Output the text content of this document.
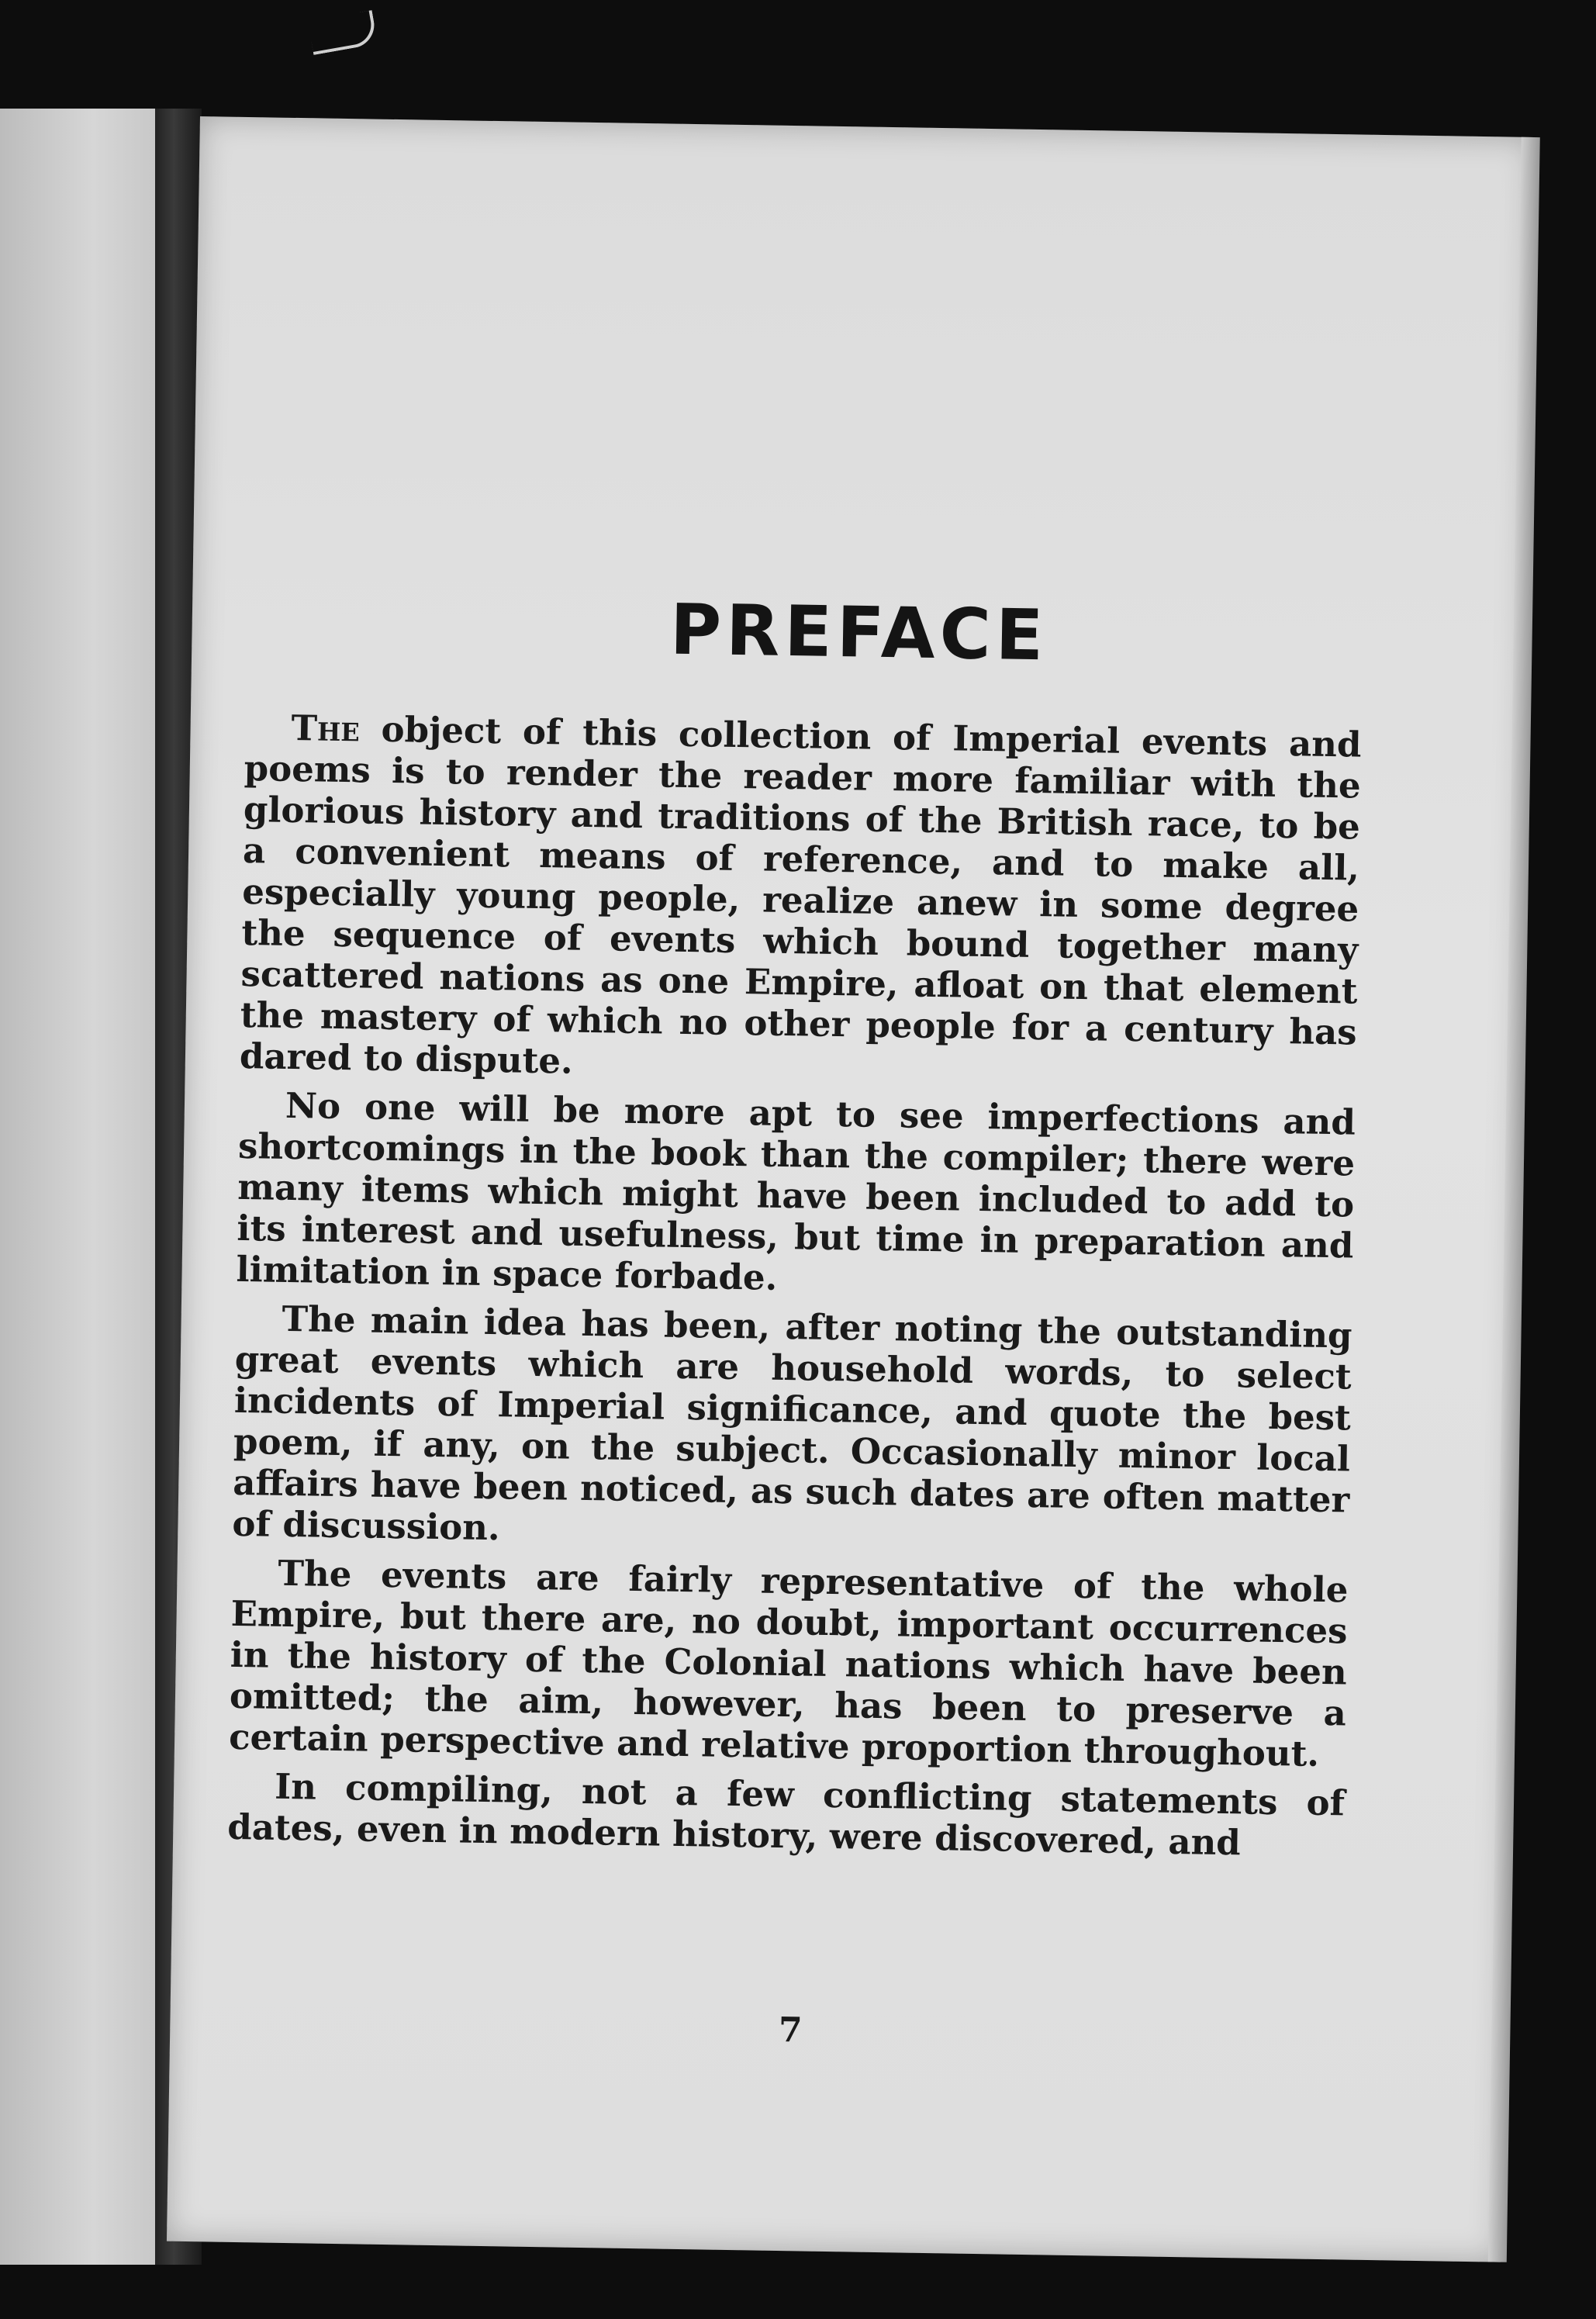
PREFACE

The object of this collection of Imperial events and poems is to render the reader more familiar with the glorious history and traditions of the British race, to be a convenient means of reference, and to make all, especially young people, realize anew in some degree the sequence of events which bound together many scattered nations as one Empire, afloat on that element the mastery of which no other people for a century has dared to dispute.

No one will be more apt to see imperfections and shortcomings in the book than the compiler; there were many items which might have been included to add to its interest and usefulness, but time in preparation and limitation in space forbade.

The main idea has been, after noting the outstanding great events which are household words, to select incidents of Imperial significance, and quote the best poem, if any, on the subject. Occasionally minor local affairs have been noticed, as such dates are often matter of discussion.

The events are fairly representative of the whole Empire, but there are, no doubt, important occurrences in the history of the Colonial nations which have been omitted; the aim, however, has been to preserve a certain perspective and relative proportion throughout.

In compiling, not a few conflicting statements of dates, even in modern history, were discovered, and

7
